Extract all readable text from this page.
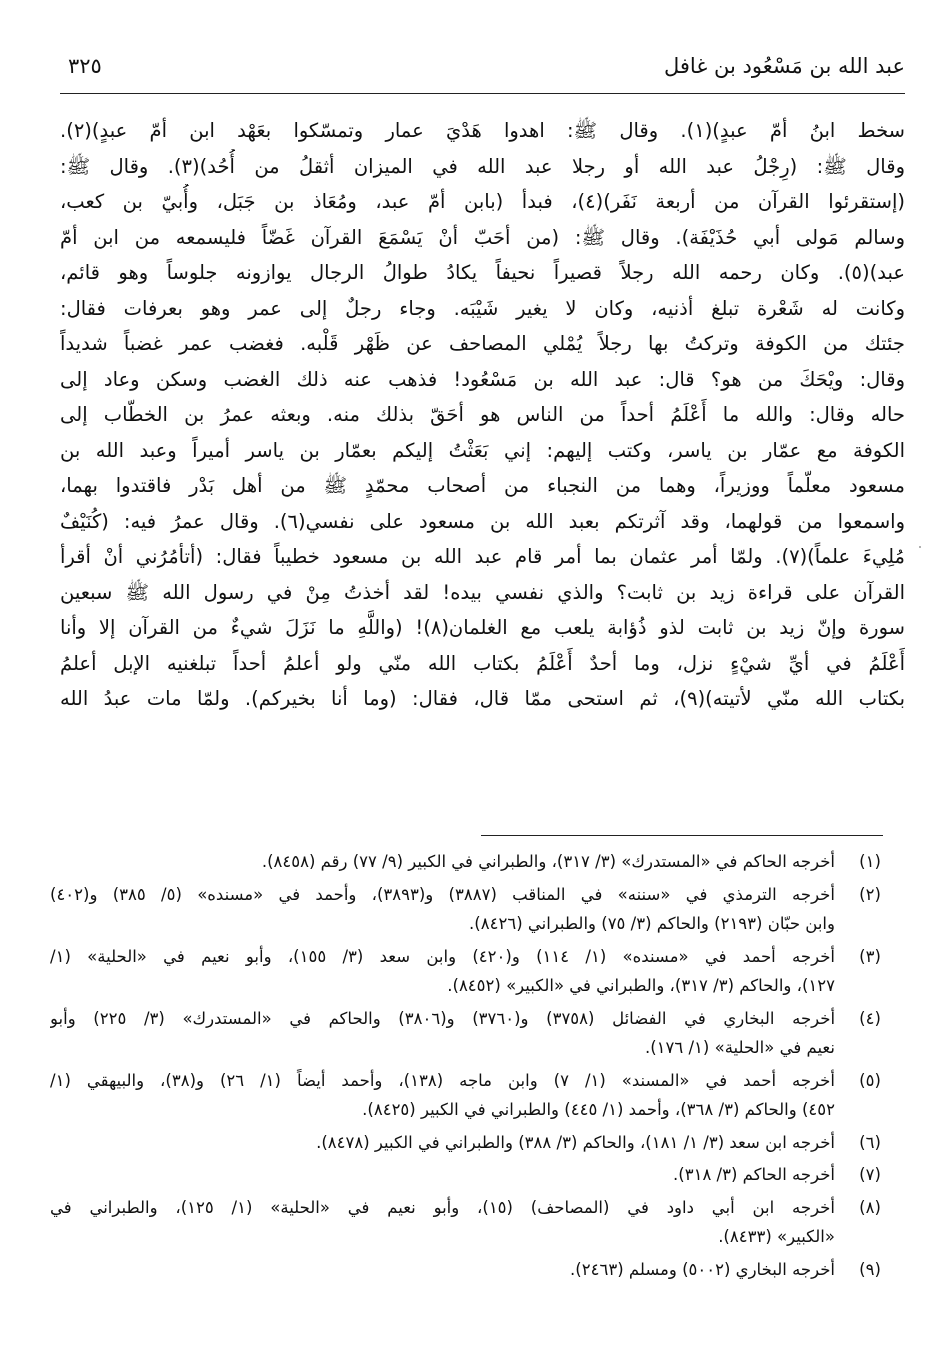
عبد الله بن مَسْعُود بن غافل
٣٢٥
سخط ابنُ أمّ عبدٍ)(١). وقال ﷺ: اهدوا هَدْيَ عمار وتمسّكوا بعَهْد ابن أمّ عبدٍ)(٢).
وقال ﷺ: (رِجْلُ عبد الله أو رجلا عبد الله في الميزان أثقلُ من أُحُد)(٣). وقال ﷺ:
(إستقرئوا القرآن من أربعة نَفَر)(٤)، فبدأ (بابن أمّ عبد، ومُعَاذ بن جَبَل، وأُبيّ بن كعب،
وسالم مَولى أبي حُذَيْفَة). وقال ﷺ: (من أحَبّ أنْ يَسْمَعَ القرآن غَضّاً فليسمعه من ابن أمّ
عبد)(٥). وكان رحمه الله رجلاً قصيراً نحيفاً يكادُ طوالُ الرجال يوازونه جلوساً وهو قائم،
وكانت له شَعْرة تبلغ أذنيه، وكان لا يغير شَيْبَه. وجاء رجلٌ إلى عمر وهو بعرفات فقال:
جئتك من الكوفة وتركتُ بها رجلاً يُمْلي المصاحف عن ظَهْر قَلْبه. فغضب عمر غضباً شديداً
وقال: ويْحَكَ من هو؟ قال: عبد الله بن مَسْعُود! فذهب عنه ذلك الغضب وسكن وعاد إلى
حاله وقال: والله ما أَعْلَمُ أحداً من الناس هو أحَقّ بذلك منه. وبعثه عمرُ بن الخطّاب إلى
الكوفة مع عمّار بن ياسر، وكتب إليهم: إني بَعَثْتُ إليكم بعمّار بن ياسر أميراً وعبد الله بن
مسعود معلّماً ووزيراً، وهما من النجباء من أصحاب محمّدٍ ﷺ من أهل بَدْر فاقتدوا بهما،
واسمعوا من قولهما، وقد آثرتكم بعبد الله بن مسعود على نفسي(٦). وقال عمرُ فيه: (كُنَيْفٌ
مُلِيءَ علماً)(٧). ولمّا أمر عثمان بما أمر قام عبد الله بن مسعود خطيباً فقال: (أتأمُرُني أنْ أقرأ
القرآن على قراءة زيد بن ثابت؟ والذي نفسي بيده! لقد أخذتُ مِنْ في رسول الله ﷺ سبعين
سورة وإنّ زيد بن ثابت لذو ذُؤابة يلعب مع الغلمان(٨)! (واللَّهِ ما نَزَلَ شيءٌ من القرآن إلا وأنا
أَعْلَمُ في أيِّ شيْءٍ نزل، وما أحدٌ أَعْلَمُ بكتاب الله منّي ولو أعلمُ أحداً تبلغنيه الإبل أعلمُ
بكتاب الله منّي لأتيته)(٩)، ثم استحى ممّا قال، فقال: (وما أنا بخيركم). ولمّا مات عبدُ الله
(١)
أخرجه الحاكم في «المستدرك» (٣/ ٣١٧)، والطبراني في الكبير (٩/ ٧٧) رقم (٨٤٥٨).
(٢)
أخرجه الترمذي في «سننه» في المناقب (٣٨٨٧) و(٣٨٩٣)، وأحمد في «مسنده» (٥/ ٣٨٥) و(٤٠٢)
وابن حبّان (٢١٩٣) والحاكم (٣/ ٧٥) والطبراني (٨٤٢٦).
(٣)
أخرجه أحمد في «مسنده» (١/ ١١٤) و(٤٢٠) وابن سعد (٣/ ١٥٥)، وأبو نعيم في «الحلية» (١/
١٢٧)، والحاكم (٣/ ٣١٧)، والطبراني في «الكبير» (٨٤٥٢).
(٤)
أخرجه البخاري في الفضائل (٣٧٥٨) و(٣٧٦٠) و(٣٨٠٦) والحاكم في «المستدرك» (٣/ ٢٢٥) وأبو
نعيم في «الحلية» (١/ ١٧٦).
(٥)
أخرجه أحمد في «المسند» (١/ ٧) وابن ماجه (١٣٨)، وأحمد أيضاً (١/ ٢٦) و(٣٨)، والبيهقي (١/
٤٥٢) والحاكم (٣/ ٣٦٨)، وأحمد (١/ ٤٤٥) والطبراني في الكبير (٨٤٢٥).
(٦)
أخرجه ابن سعد (٣/ ١/ ١٨١)، والحاكم (٣/ ٣٨٨) والطبراني في الكبير (٨٤٧٨).
(٧)
أخرجه الحاكم (٣/ ٣١٨).
(٨)
أخرجه ابن أبي داود في (المصاحف) (١٥)، وأبو نعيم في «الحلية» (١/ ١٢٥)، والطبراني في
«الكبير» (٨٤٣٣).
(٩)
أخرجه البخاري (٥٠٠٢) ومسلم (٢٤٦٣).
